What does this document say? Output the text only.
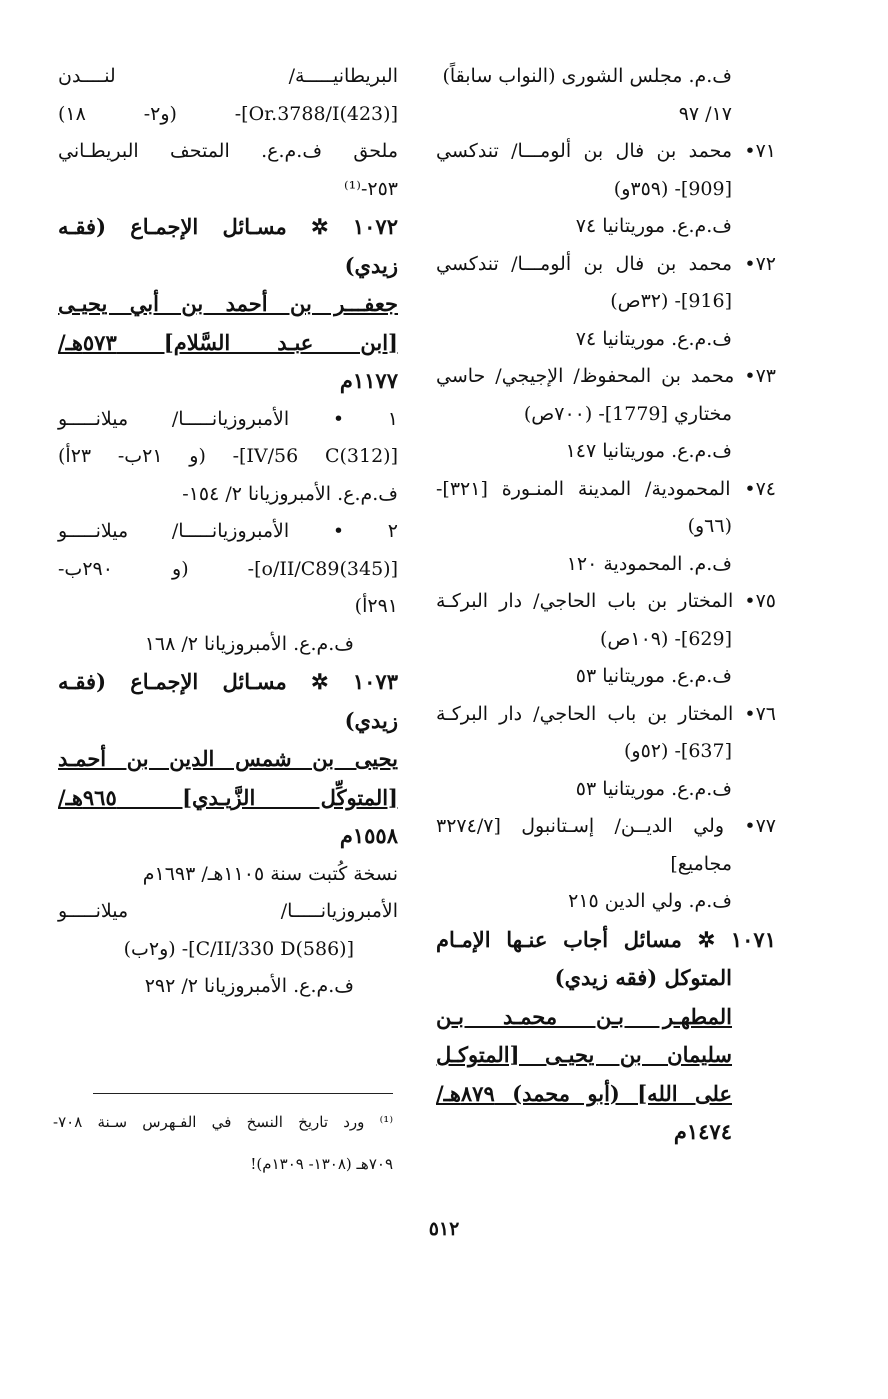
ف.م. مجلس الشورى (النواب سابقاً)
١٧/ ٩٧
٧١• محمد بن فال بن ألومـــا/ تندكسي
[909]- (٣٥٩و)
ف.م.ع. موريتانيا ٧٤
٧٢• محمد بن فال بن ألومـــا/ تندكسي
[916]- (٣٢ص)
ف.م.ع. موريتانيا ٧٤
٧٣• محمد بن المحفوظ/ الإجيجي/ حاسي
مختاري [1779]- (٧٠٠ص)
ف.م.ع. موريتانيا ١٤٧
٧٤• المحمودية/ المدينة المنـورة [٣٢١]-
(٦٦و)
ف.م. المحمودية ١٢٠
٧٥• المختار بن باب الحاجي/ دار البركـة
[629]- (١٠٩ص)
ف.م.ع. موريتانيا ٥٣
٧٦• المختار بن باب الحاجي/ دار البركـة
[637]- (٥٢و)
ف.م.ع. موريتانيا ٥٣
٧٧• ولي الديــن/ إسـتانبول [٣٢٧٤/٧
مجاميع]
ف.م. ولي الدين ٢١٥
١٠٧١ ✲ مسائل أجاب عنـها الإمـام
المتوكل (فقه زيدي)
المطهـر بـن محمـد بـن
سليمان بن يحيـى [المتوكـل
على الله] (أبو محمد) ٨٧٩هـ/
١٤٧٤م
البريطانيـــــة/ لنــــدن
[Or.3788/I(423)]- (و٢- ١٨)
ملحق ف.م.ع. المتحف البريطـاني
٢٥٣-⁽¹⁾
١٠٧٢ ✲ مسـائل الإجمـاع (فقـه
زيدي)
جعفـــر بن أحمد بن أبي يحيـى
[ابن عبـد السَّلام] ٥٧٣هـ/
١١٧٧م
١ • الأمبروزيانـــــا/ ميلانـــــو
[IV/56 C(312)]- (و ٢١ب- ٢٣أ)
ف.م.ع. الأمبروزيانا ٢/ ١٥٤-
٢ • الأمبروزيانـــــا/ ميلانـــــو
[o/II/C89(345)]- (و ٢٩٠ب-
٢٩١أ)
ف.م.ع. الأمبروزيانا ٢/ ١٦٨
١٠٧٣ ✲ مسـائل الإجمـاع (فقـه
زيدي)
يحيى بن شمس الدين بن أحمـد
[المتوكِّل الزَّيـدي] ٩٦٥هـ/
١٥٥٨م
نسخة كُتبت سنة ١١٠٥هـ/ ١٦٩٣م
الأمبروزيانـــــا/ ميلانـــــو
[C/II/330 D(586)]- (و٢ب)
ف.م.ع. الأمبروزيانا ٢/ ٢٩٢
⁽¹⁾ ورد تاريخ النسخ في الفـهرس سـنة ٧٠٨-
٧٠٩هـ (١٣٠٨- ١٣٠٩م)!
٥١٢
